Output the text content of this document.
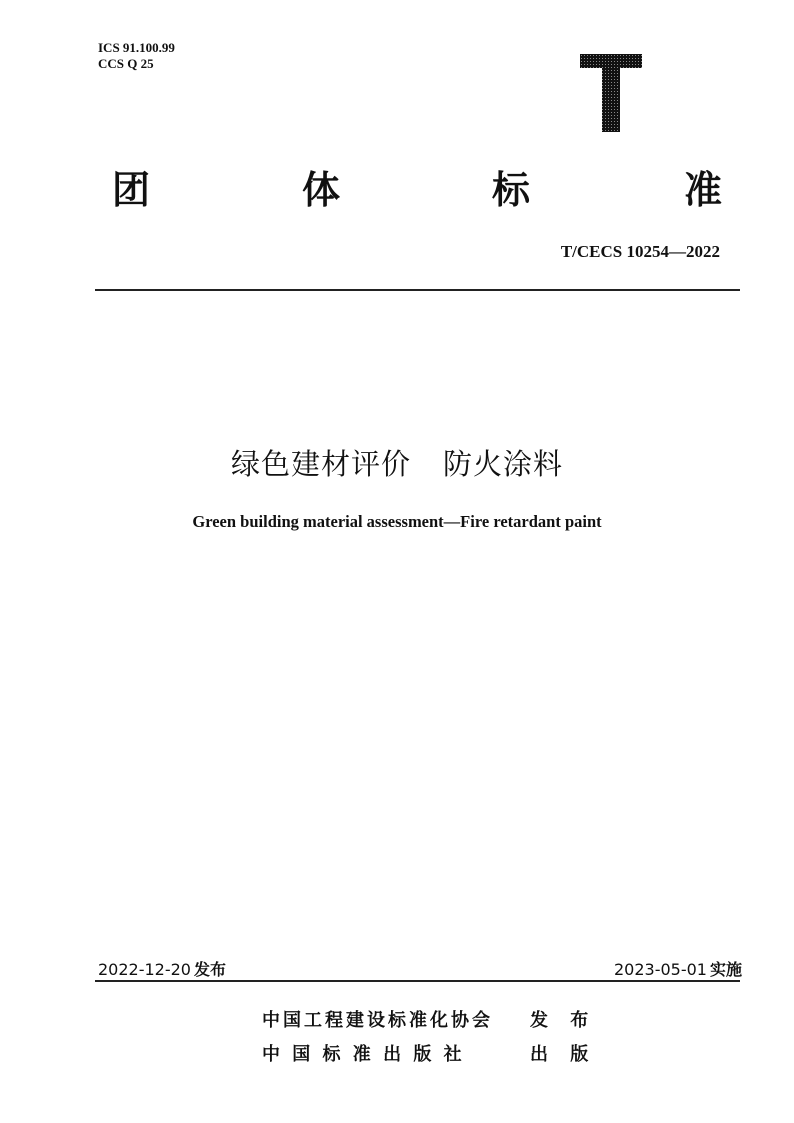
ICS 91.100.99
CCS Q 25
团	体	标	准
T/CECS 10254—2022
绿色建材评价 防火涂料
Green building material assessment—Fire retardant paint
2022-12-20 发布	2023-05-01 实施
中国工程建设标准化协会 发 布
中 国 标 准 出 版 社	出 版
